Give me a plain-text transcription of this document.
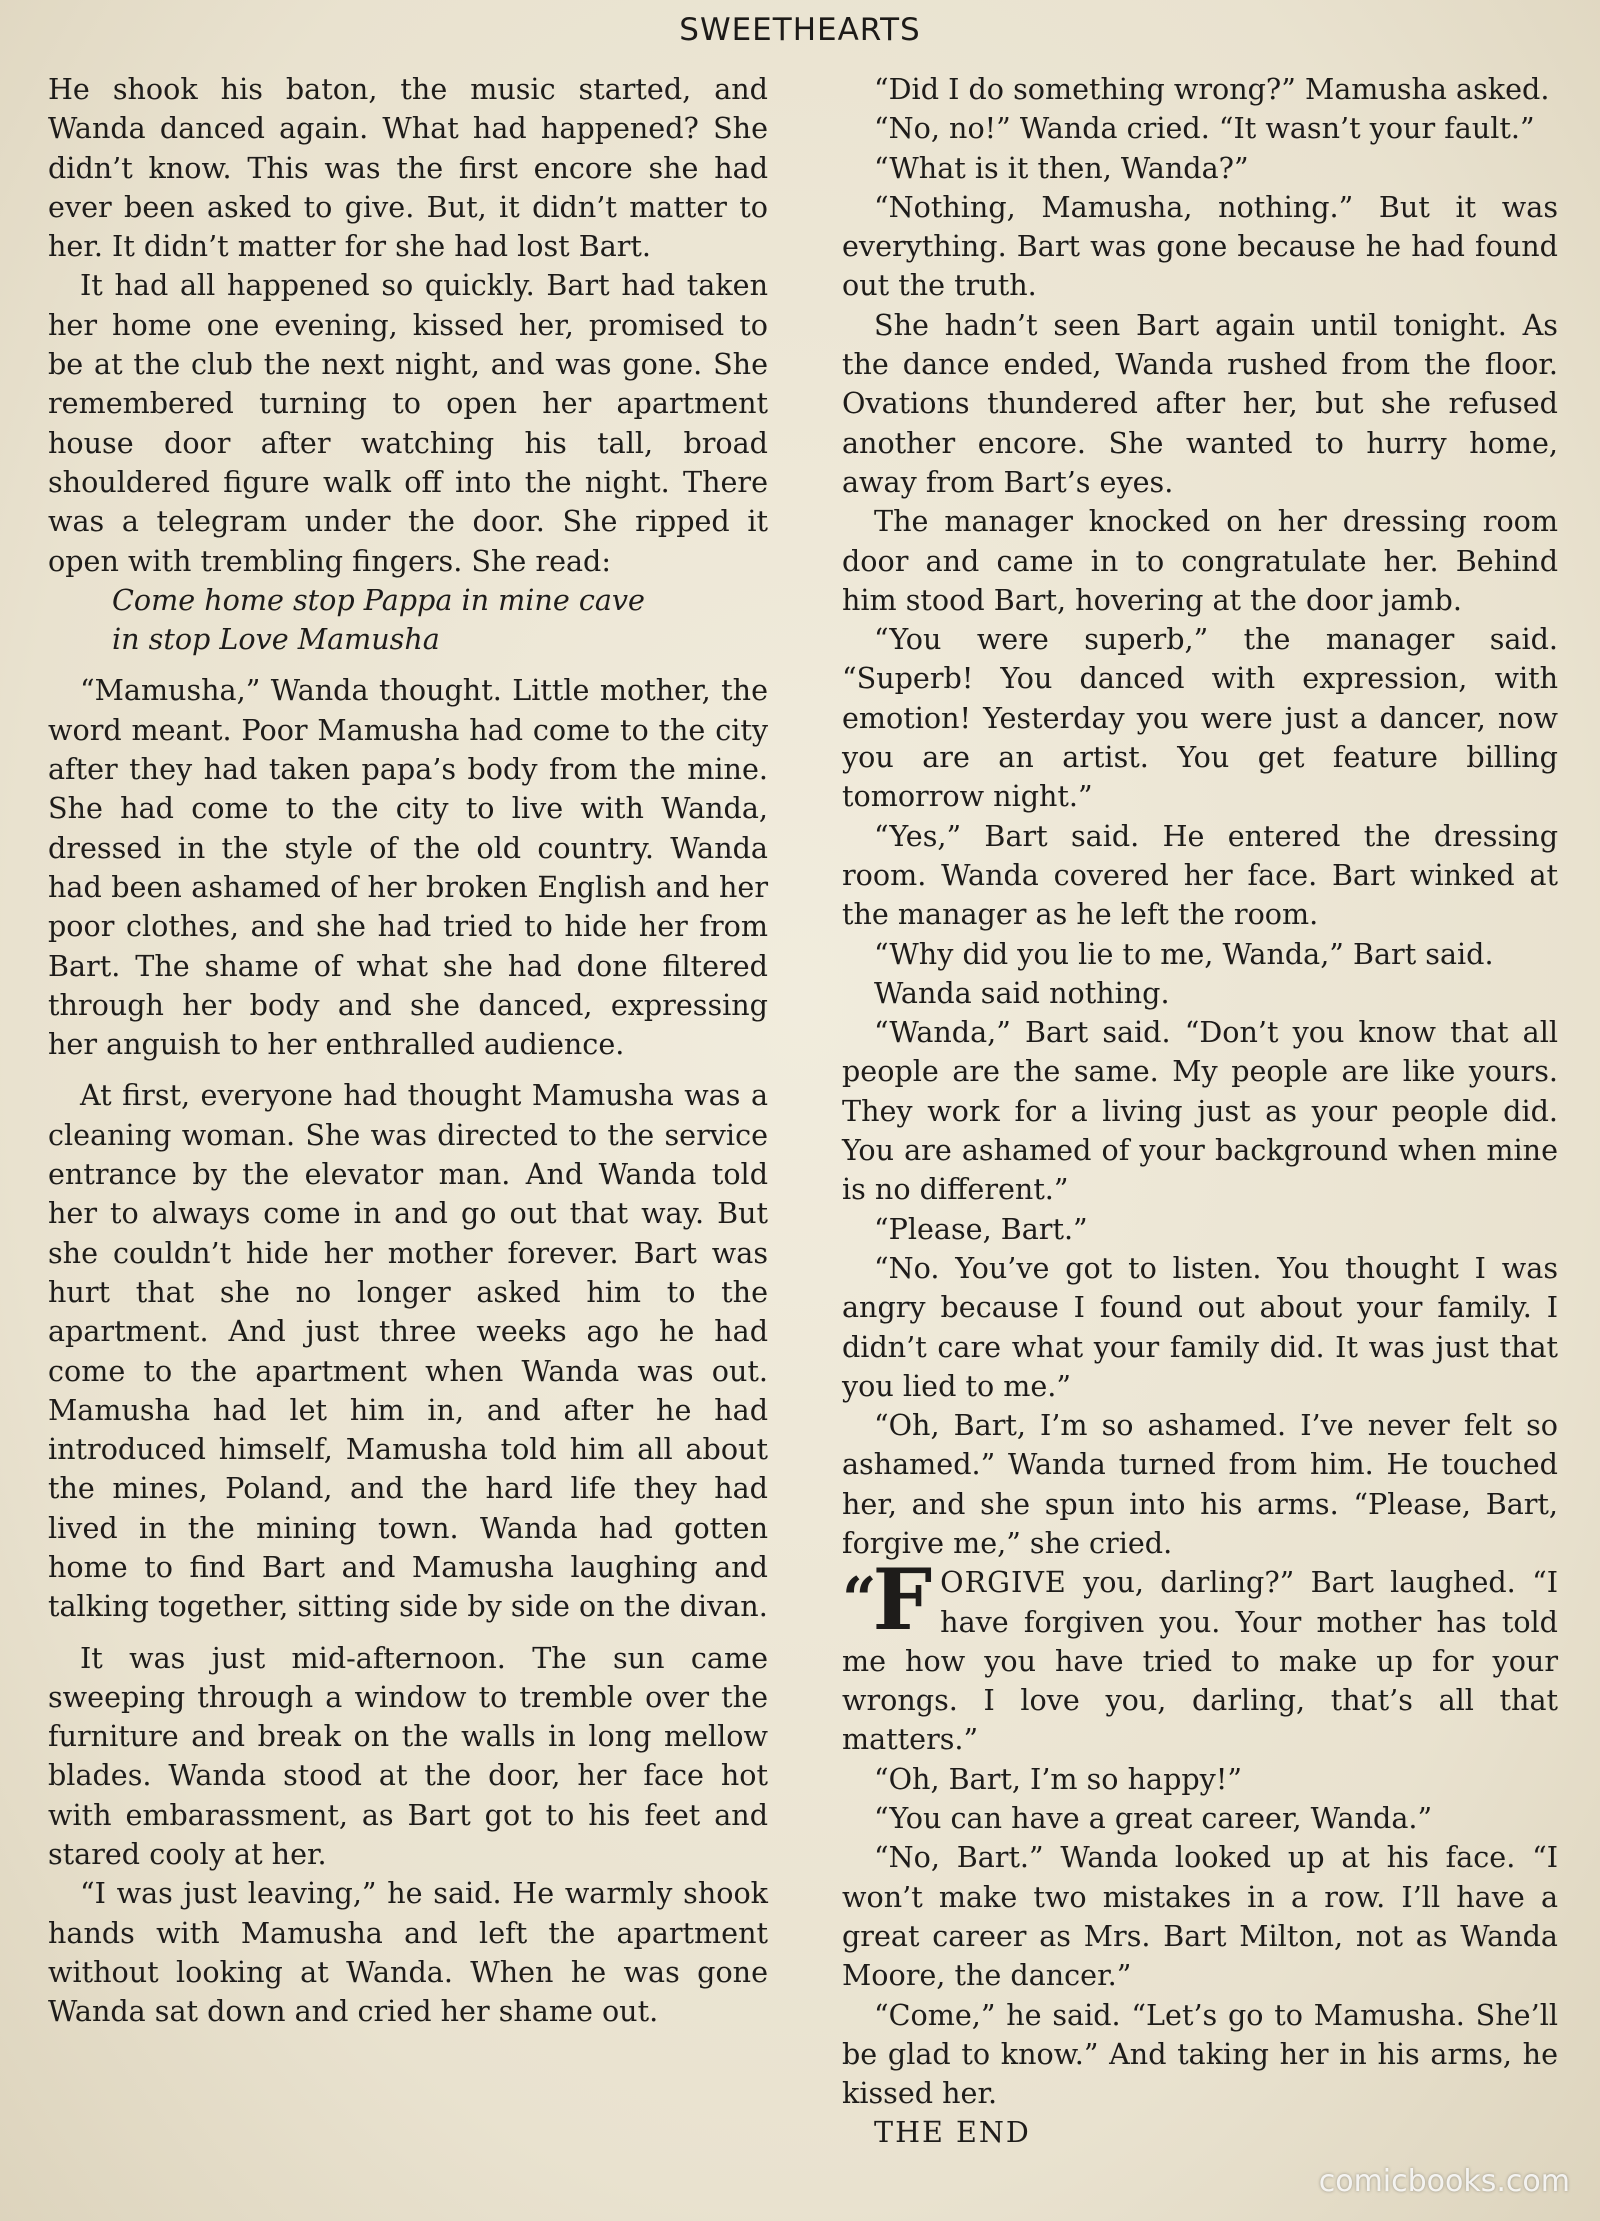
SWEETHEARTS

He shook his baton, the music started, and Wanda danced again. What had happened? She didn’t know. This was the first encore she had ever been asked to give. But, it didn’t matter to her. It didn’t matter for she had lost Bart.

It had all happened so quickly. Bart had taken her home one evening, kissed her, promised to be at the club the next night, and was gone. She remembered turning to open her apartment house door after watching his tall, broad shouldered figure walk off into the night. There was a telegram under the door. She ripped it open with trembling fingers. She read:

Come home stop Pappa in mine cave
in stop Love Mamusha

“Mamusha,” Wanda thought. Little mother, the word meant. Poor Mamusha had come to the city after they had taken papa’s body from the mine. She had come to the city to live with Wanda, dressed in the style of the old country. Wanda had been ashamed of her broken English and her poor clothes, and she had tried to hide her from Bart. The shame of what she had done filtered through her body and she danced, expressing her anguish to her enthralled audience.

At first, everyone had thought Mamusha was a cleaning woman. She was directed to the service entrance by the elevator man. And Wanda told her to always come in and go out that way. But she couldn’t hide her mother forever. Bart was hurt that she no longer asked him to the apartment. And just three weeks ago he had come to the apartment when Wanda was out. Mamusha had let him in, and after he had introduced himself, Mamusha told him all about the mines, Poland, and the hard life they had lived in the mining town. Wanda had gotten home to find Bart and Mamusha laughing and talking together, sitting side by side on the divan.

It was just mid-afternoon. The sun came sweeping through a window to tremble over the furniture and break on the walls in long mellow blades. Wanda stood at the door, her face hot with embarassment, as Bart got to his feet and stared cooly at her.

“I was just leaving,” he said. He warmly shook hands with Mamusha and left the apartment without looking at Wanda. When he was gone Wanda sat down and cried her shame out.

“Did I do something wrong?” Mamusha asked.

“No, no!” Wanda cried. “It wasn’t your fault.”

“What is it then, Wanda?”

“Nothing, Mamusha, nothing.” But it was everything. Bart was gone because he had found out the truth.

She hadn’t seen Bart again until tonight. As the dance ended, Wanda rushed from the floor. Ovations thundered after her, but she refused another encore. She wanted to hurry home, away from Bart’s eyes.

The manager knocked on her dressing room door and came in to congratulate her. Behind him stood Bart, hovering at the door jamb.

“You were superb,” the manager said. “Superb! You danced with expression, with emotion! Yesterday you were just a dancer, now you are an artist. You get feature billing tomorrow night.”

“Yes,” Bart said. He entered the dressing room. Wanda covered her face. Bart winked at the manager as he left the room.

“Why did you lie to me, Wanda,” Bart said.

Wanda said nothing.

“Wanda,” Bart said. “Don’t you know that all people are the same. My people are like yours. They work for a living just as your people did. You are ashamed of your background when mine is no different.”

“Please, Bart.”

“No. You’ve got to listen. You thought I was angry because I found out about your family. I didn’t care what your family did. It was just that you lied to me.”

“Oh, Bart, I’m so ashamed. I’ve never felt so ashamed.” Wanda turned from him. He touched her, and she spun into his arms. “Please, Bart, forgive me,” she cried.

“F ORGIVE you, darling?” Bart laughed. “I have forgiven you. Your mother has told me how you have tried to make up for your wrongs. I love you, darling, that’s all that matters.”

“Oh, Bart, I’m so happy!”

“You can have a great career, Wanda.”

“No, Bart.” Wanda looked up at his face. “I won’t make two mistakes in a row. I’ll have a great career as Mrs. Bart Milton, not as Wanda Moore, the dancer.”

“Come,” he said. “Let’s go to Mamusha. She’ll be glad to know.” And taking her in his arms, he kissed her.

THE END

comicbooks.com
